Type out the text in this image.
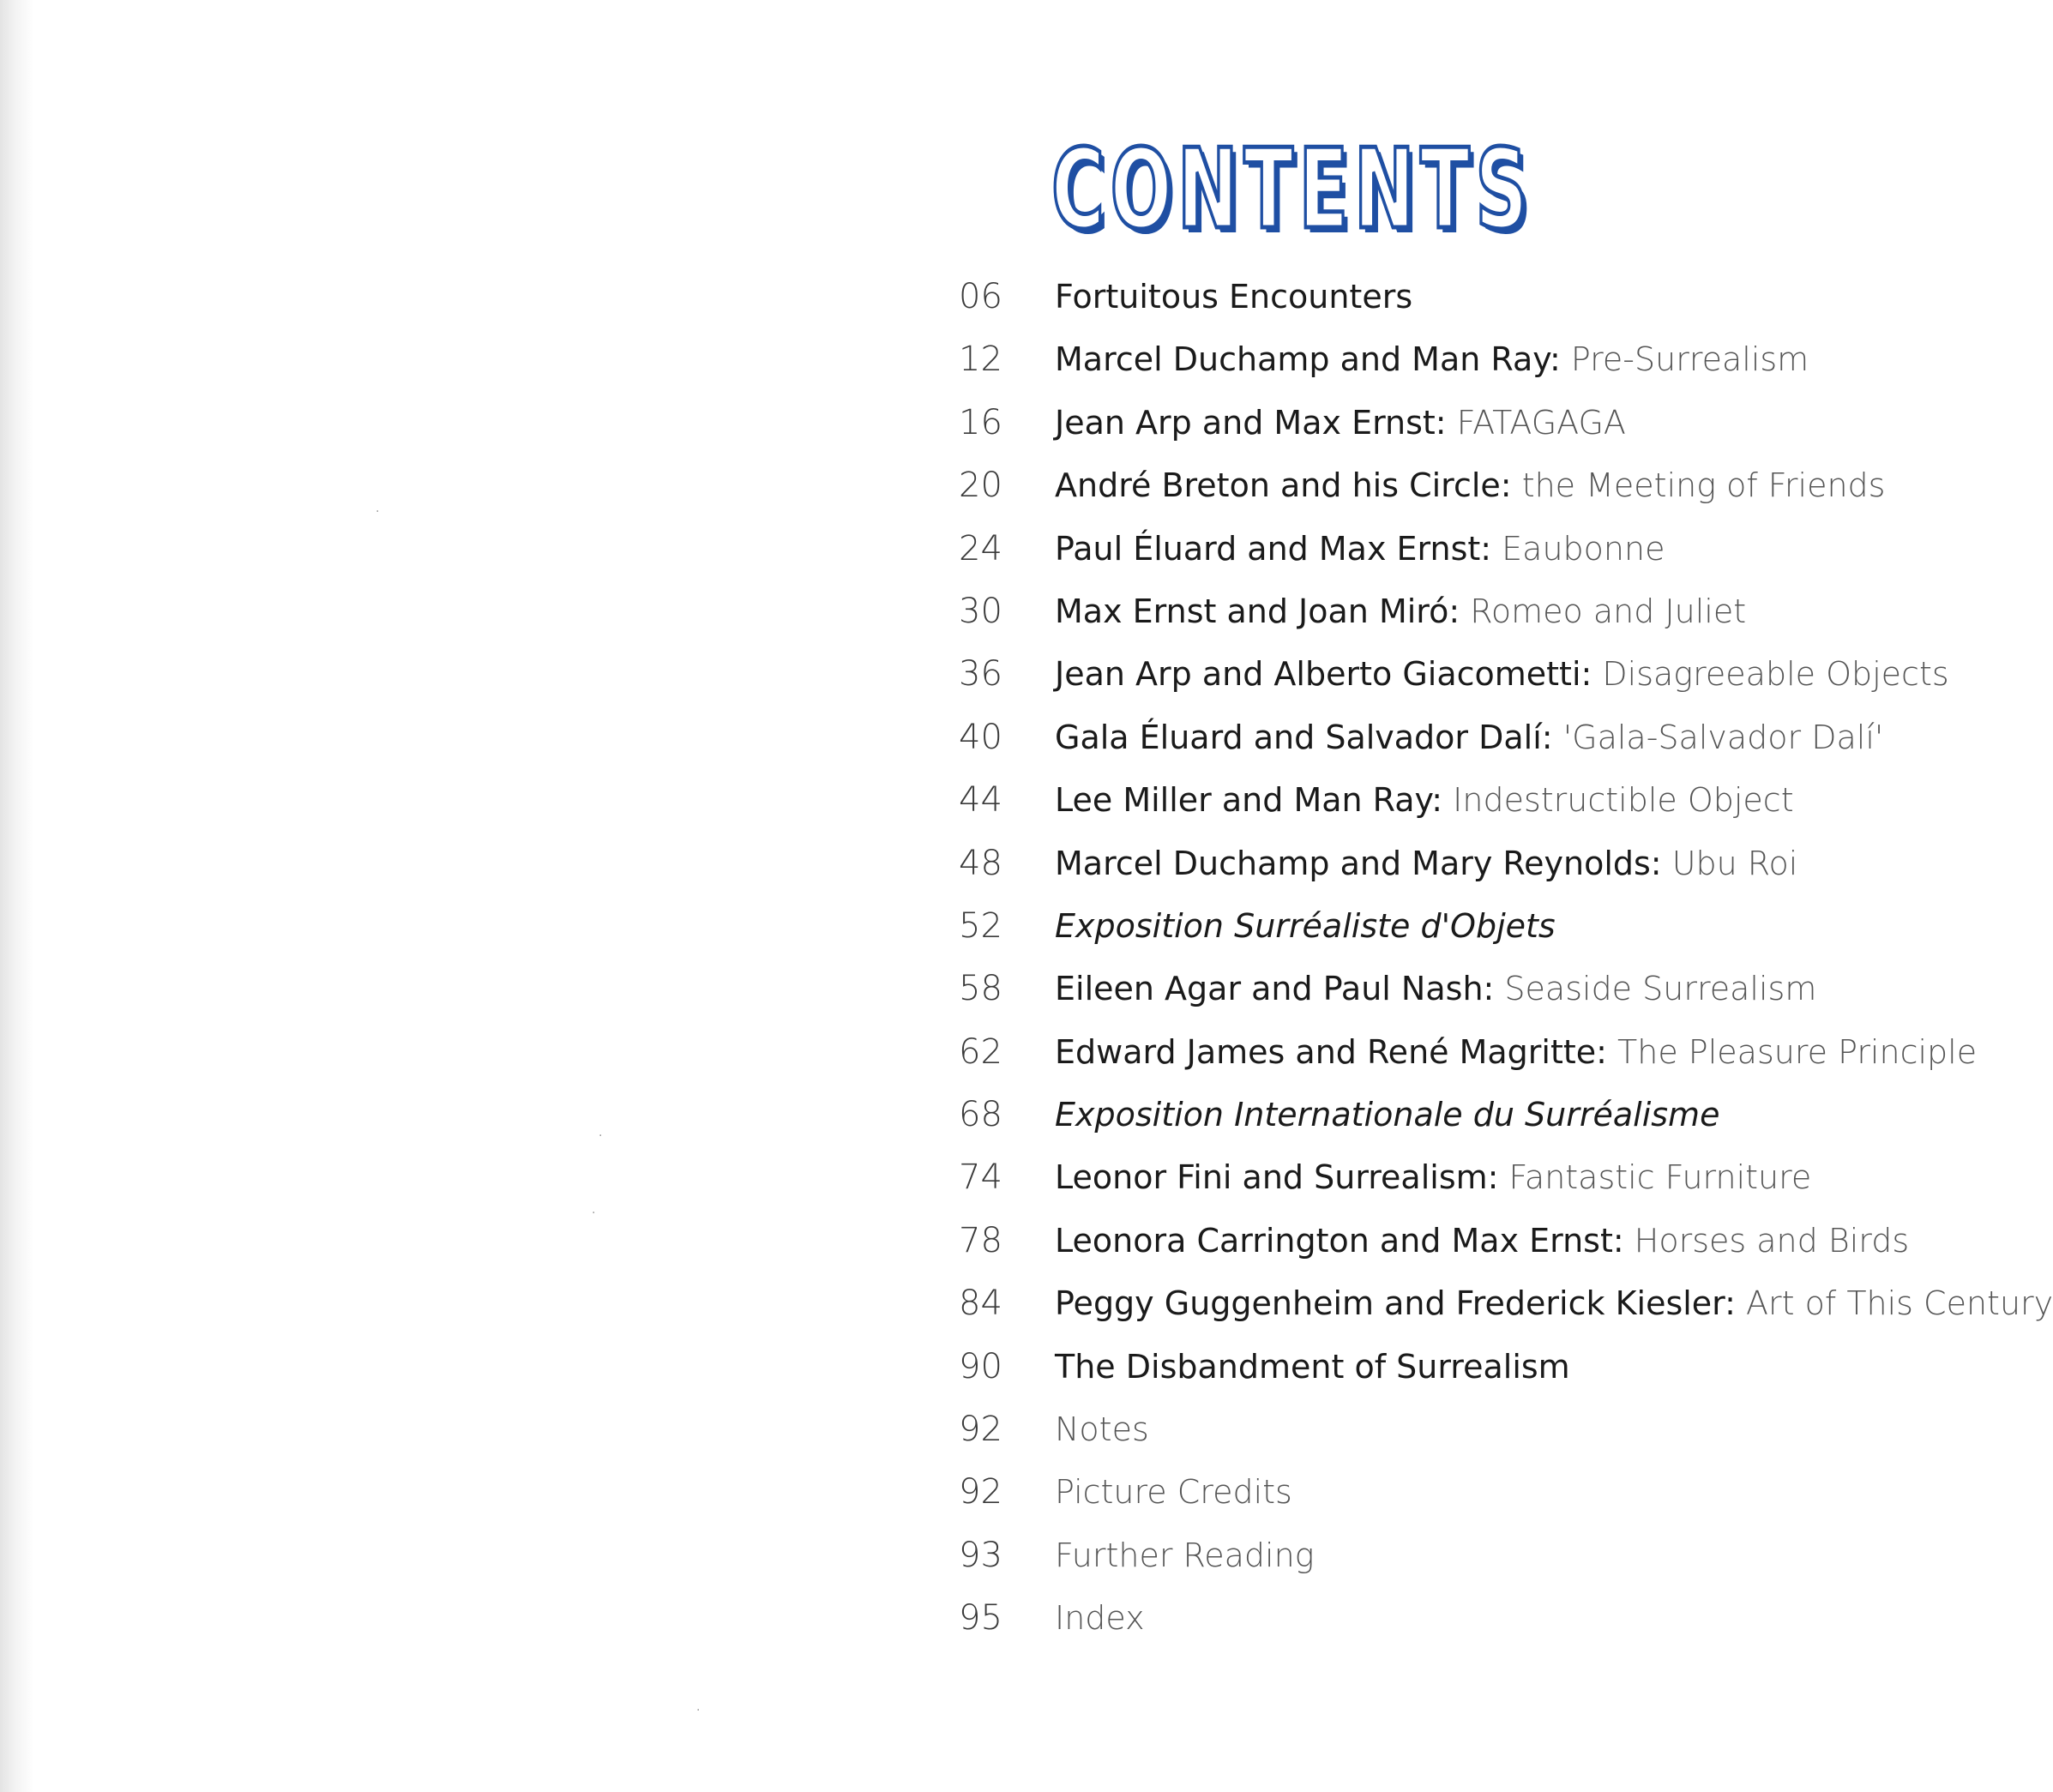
·
·
·
·
CONTENTS
06	Fortuitous Encounters
12	Marcel Duchamp and Man Ray: Pre-Surrealism
16	Jean Arp and Max Ernst: FATAGAGA
20	André Breton and his Circle: the Meeting of Friends
24	Paul Éluard and Max Ernst: Eaubonne
30	Max Ernst and Joan Miró: Romeo and Juliet
36	Jean Arp and Alberto Giacometti: Disagreeable Objects
40	Gala Éluard and Salvador Dalí: 'Gala-Salvador Dalí'
44	Lee Miller and Man Ray: Indestructible Object
48	Marcel Duchamp and Mary Reynolds: Ubu Roi
52	Exposition Surréaliste d'Objets
58	Eileen Agar and Paul Nash: Seaside Surrealism
62	Edward James and René Magritte: The Pleasure Principle
68	Exposition Internationale du Surréalisme
74	Leonor Fini and Surrealism: Fantastic Furniture
78	Leonora Carrington and Max Ernst: Horses and Birds
84	Peggy Guggenheim and Frederick Kiesler: Art of This Century
90	The Disbandment of Surrealism
92	Notes
92	Picture Credits
93	Further Reading
95	Index
